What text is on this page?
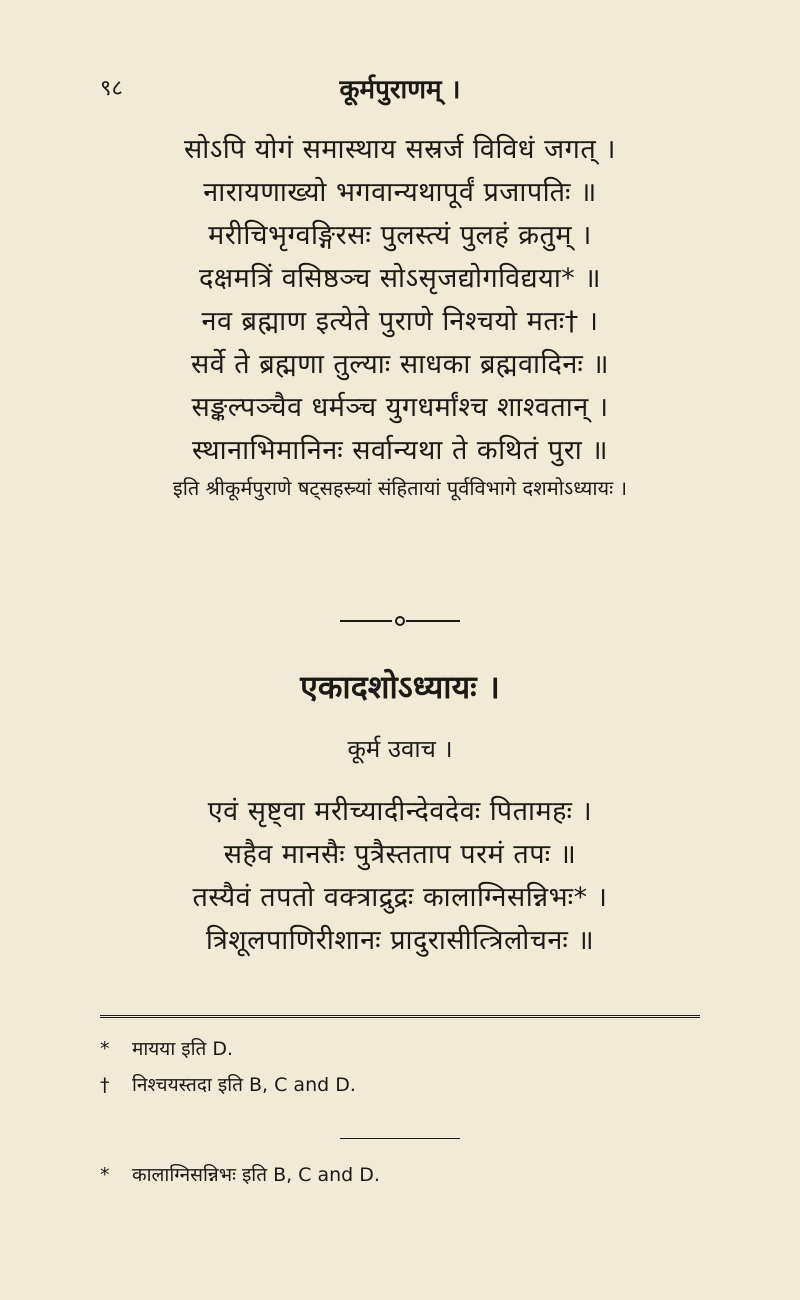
९८	कूर्मपुराणम् ।
सोऽपि योगं समास्थाय सस्रर्ज विविधं जगत् ।
नारायणाख्यो भगवान्यथापूर्वं प्रजापतिः ॥
मरीचिभृग्वङ्गिरसः पुलस्त्यं पुलहं क्रतुम् ।
दक्षमत्रिं वसिष्ठञ्च सोऽसृजद्योगविद्यया* ॥
नव ब्रह्माण इत्येते पुराणे निश्चयो मतः† ।
सर्वे ते ब्रह्मणा तुल्याः साधका ब्रह्मवादिनः ॥
सङ्कल्पञ्चैव धर्मञ्च युगधर्मांश्च शाश्वतान् ।
स्थानाभिमानिनः सर्वान्यथा ते कथितं पुरा ॥
इति श्रीकूर्मपुराणे षट्सहस्र्यां संहितायां पूर्वविभागे दशमोऽध्यायः ।
एकादशोऽध्यायः ।
कूर्म उवाच ।
एवं सृष्ट्वा मरीच्यादीन्देवदेवः पितामहः ।
सहैव मानसैः पुत्रैस्तताप परमं तपः ॥
तस्यैवं तपतो वक्त्राद्रुद्रः कालाग्निसन्निभः* ।
त्रिशूलपाणिरीशानः प्रादुरासीत्त्रिलोचनः ॥
* मायया इति D.
† निश्चयस्तदा इति B, C and D.
* कालाग्निसन्निभः इति B, C and D.
